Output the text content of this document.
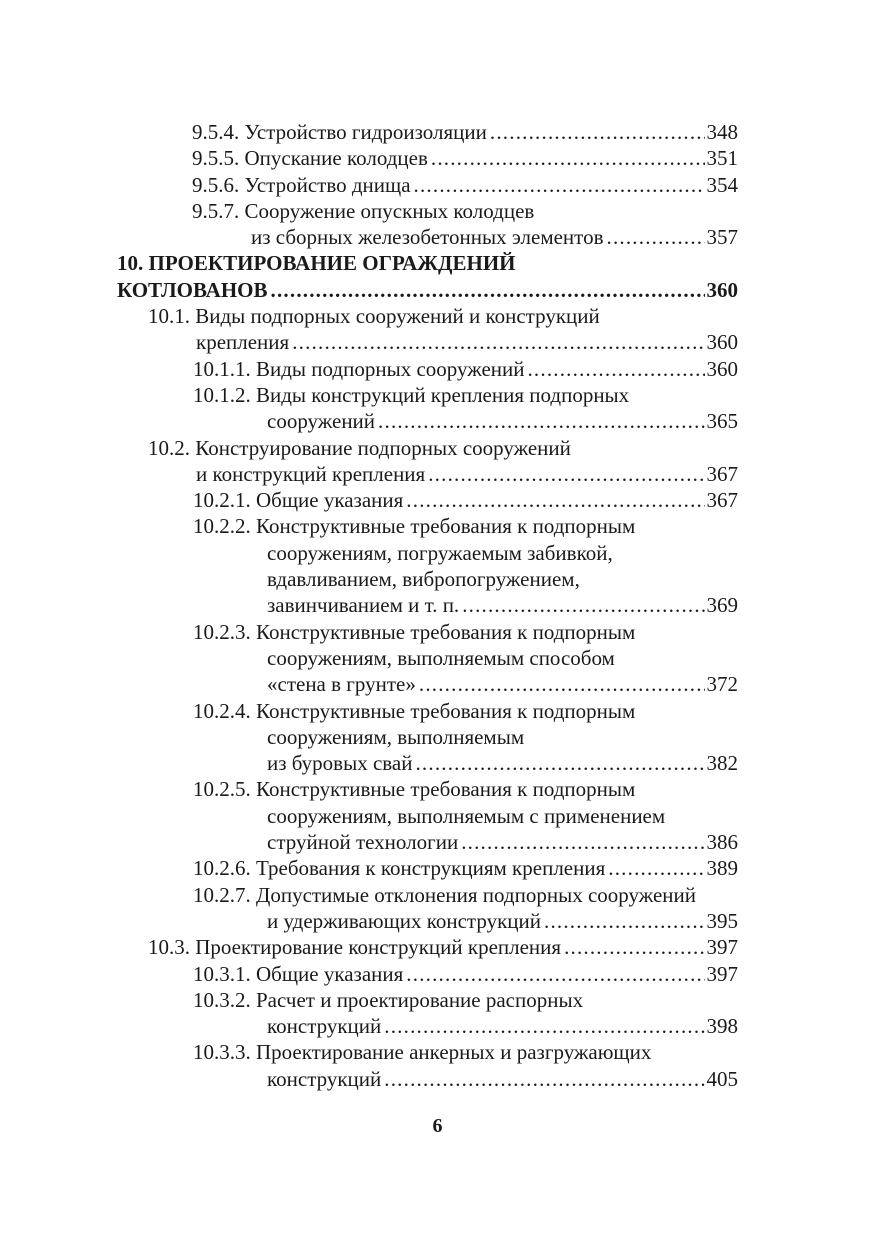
9.5.4. Устройство гидроизоляции .....	348
9.5.5. Опускание колодцев .....	351
9.5.6. Устройство днища .....	354
9.5.7. Сооружение опускных колодцев
из сборных железобетонных элементов .....	357
10. ПРОЕКТИРОВАНИЕ ОГРАЖДЕНИЙ
КОТЛОВАНОВ .....	360
10.1. Виды подпорных сооружений и конструкций
крепления .....	360
10.1.1. Виды подпорных сооружений .....	360
10.1.2. Виды конструкций крепления подпорных
сооружений .....	365
10.2. Конструирование подпорных сооружений
и конструкций крепления .....	367
10.2.1. Общие указания .....	367
10.2.2. Конструктивные требования к подпорным
сооружениям, погружаемым забивкой,
вдавливанием, вибропогружением,
завинчиванием и т. п. .....	369
10.2.3. Конструктивные требования к подпорным
сооружениям, выполняемым способом
«стена в грунте» .....	372
10.2.4. Конструктивные требования к подпорным
сооружениям, выполняемым
из буровых свай .....	382
10.2.5. Конструктивные требования к подпорным
сооружениям, выполняемым с применением
струйной технологии .....	386
10.2.6. Требования к конструкциям крепления .....	389
10.2.7. Допустимые отклонения подпорных сооружений
и удерживающих конструкций .....	395
10.3. Проектирование конструкций крепления .....	397
10.3.1. Общие указания .....	397
10.3.2. Расчет и проектирование распорных
конструкций .....	398
10.3.3. Проектирование анкерных и разгружающих
конструкций .....	405
6
